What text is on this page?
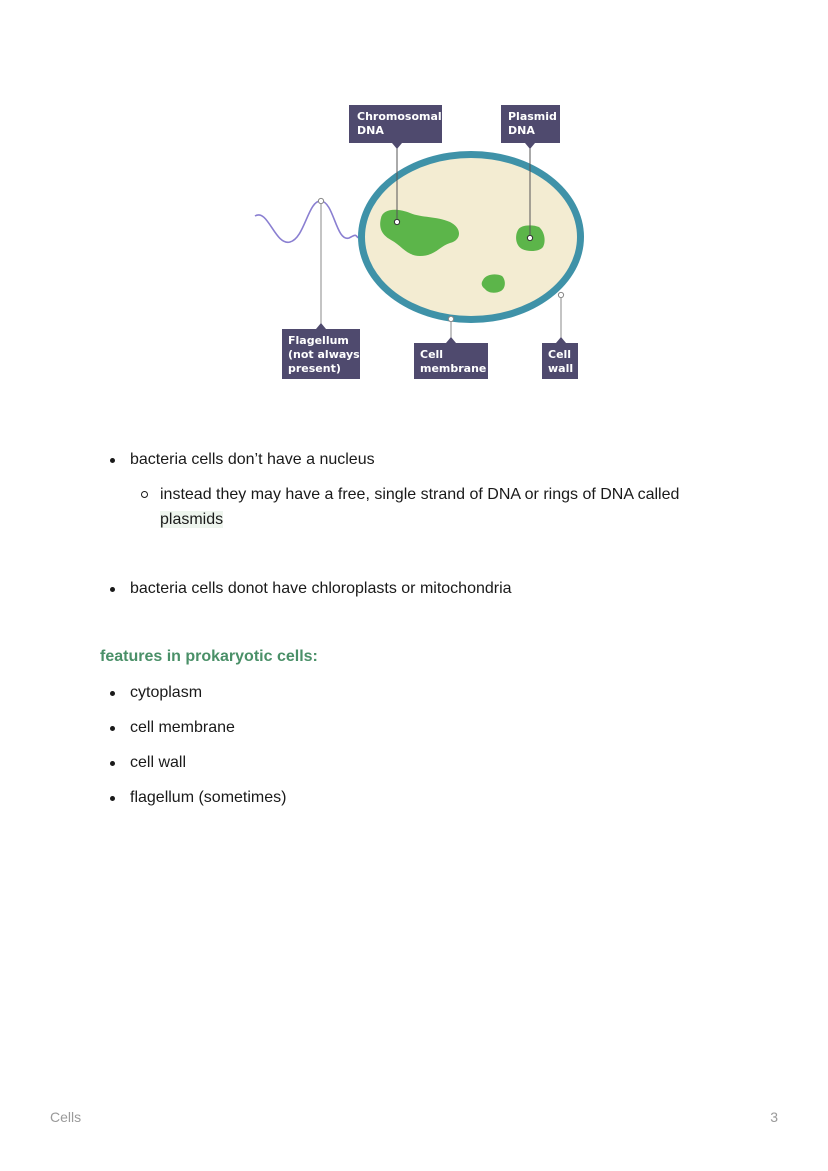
Chromosomal
DNA
Plasmid
DNA
Flagellum
(not always
present)
Cell
membrane
Cell
wall
bacteria cells don’t have a nucleus
instead they may have a free, single strand of DNA or rings of DNA called
plasmids
bacteria cells donot have chloroplasts or mitochondria
features in prokaryotic cells:
cytoplasm
cell membrane
cell wall
flagellum (sometimes)
Cells	3
